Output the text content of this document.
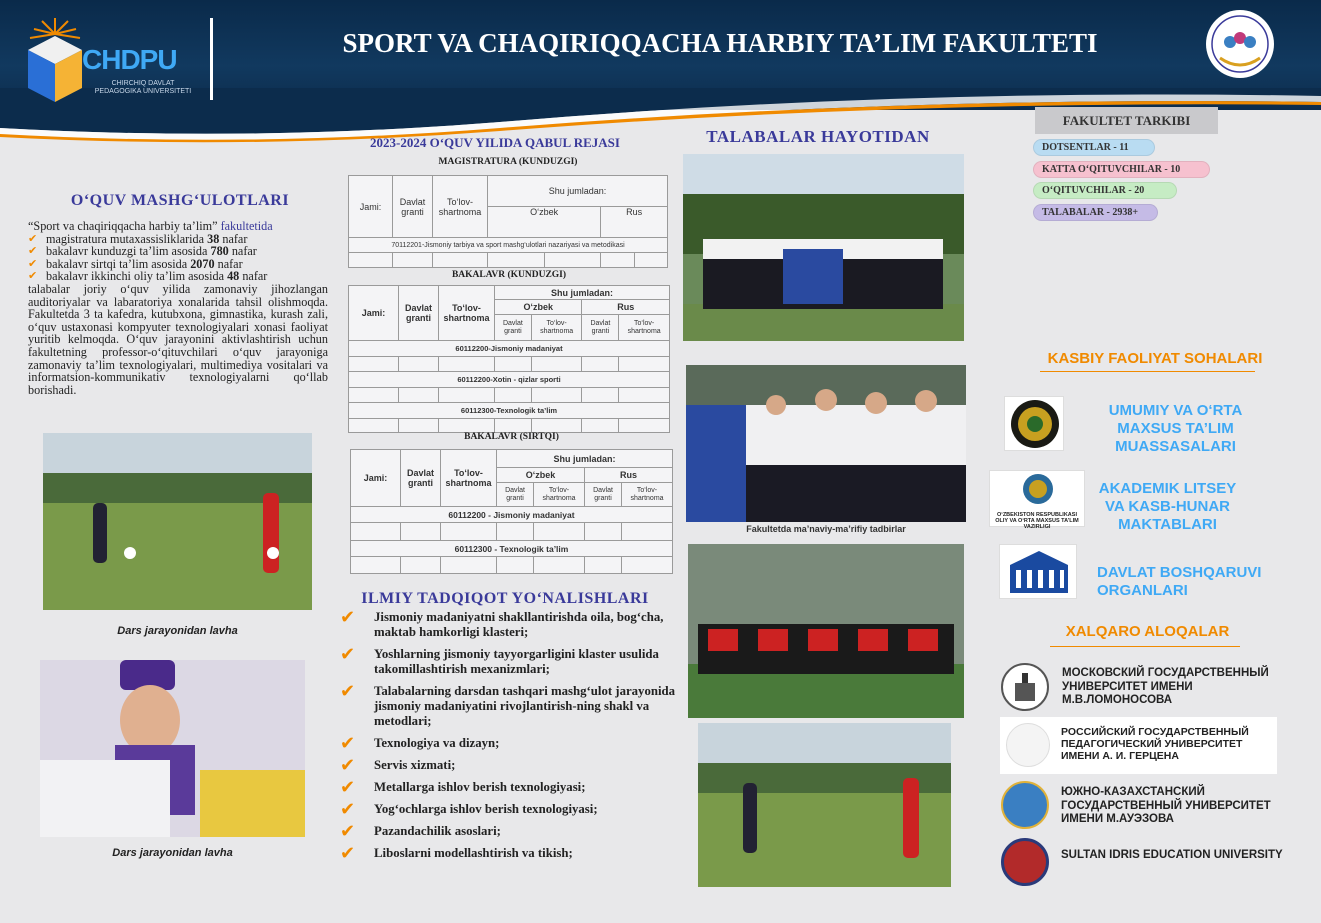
CHDPU
CHIRCHIQ DAVLAT PEDAGOGIKA UNIVERSITETI
SPORT VA CHAQIRIQQACHA HARBIY TA’LIM FAKULTETI
O‘QUV MASHG‘ULOTLARI
“Sport va chaqiriqqacha harbiy ta’lim” fakultetida
✔ magistratura mutaxassisliklarida 38 nafar
✔ bakalavr kunduzgi ta’lim asosida 780 nafar
✔ bakalavr sirtqi ta’lim asosida 2070 nafar
✔ bakalavr ikkinchi oliy ta’lim asosida 48 nafar
talabalar joriy o‘quv yilida zamonaviy jihozlangan auditoriyalar va labaratoriya xonalarida tahsil olishmoqda. Fakultetda 3 ta kafedra, kutubxona, gimnastika, kurash zali, o‘quv ustaxonasi kompyuter texnologiyalari xonasi faoliyat yuritib kelmoqda. O‘quv jarayonini aktivlashtirish uchun fakultetning professor-o‘qituvchilari o‘quv jarayoniga zamonaviy ta’lim texnologiyalari, multimediya vositalari va informatsion-kommunikativ texnologiyalarni qo‘llab borishadi.
Dars jarayonidan lavha
Dars jarayonidan lavha
2023-2024 O‘QUV YILIDA QABUL REJASI
MAGISTRATURA (KUNDUZGI)
Jami:	Davlat granti	To‘lov-shartnoma	Shu jumladan:			
			O‘zbek		Rus	
70112201-Jismoniy tarbiya va sport mashg‘ulotlari nazariyasi va metodikasi						

BAKALAVR (KUNDUZGI)
Jami:	Davlat granti	To‘lov-shartnoma	Shu jumladan:			
			O‘zbek		Rus	
			Davlat granti	To‘lov-shartnoma	Davlat granti	To‘lov-shartnoma
60112200-Jismoniy madaniyat						

60112200-Xotin - qizlar sporti						

60112300-Texnologik ta’lim						

BAKALAVR (SIRTQI)
Jami:	Davlat granti	To‘lov-shartnoma	Shu jumladan:			
			O‘zbek		Rus	
			Davlat granti	To‘lov-shartnoma	Davlat granti	To‘lov-shartnoma
60112200 - Jismoniy madaniyat						

60112300 - Texnologik ta’lim						

ILMIY TADQIQOT YO‘NALISHLARI
✔ Jismoniy madaniyatni shakllantirishda oila, bog‘cha, maktab hamkorligi klasteri;
✔ Yoshlarning jismoniy tayyorgarligini klaster usulida takomillashtirish mexanizmlari;
✔ Talabalarning darsdan tashqari mashg‘ulot jarayonida jismoniy madaniyatini rivojlantirish-ning shakl va metodlari;
✔ Texnologiya va dizayn;
✔ Servis xizmati;
✔ Metallarga ishlov berish texnologiyasi;
✔ Yog‘ochlarga ishlov berish texnologiyasi;
✔ Pazandachilik asoslari;
✔ Liboslarni modellashtirish va tikish;
TALABALAR HAYOTIDAN
Fakultetda ma’naviy-ma’rifiy tadbirlar
FAKULTET TARKIBI
DOTSENTLAR - 11
KATTA O‘QITUVCHILAR - 10
O‘QITUVCHILAR - 20
TALABALAR - 2938+
KASBIY FAOLIYAT SOHALARI
UMUMIY VA O‘RTA MAXSUS TA’LIM MUASSASALARI
O‘ZBEKISTON RESPUBLIKASI OLIY VA O‘RTA MAXSUS TA’LIM VAZIRLIGI
AKADEMIK LITSEY VA KASB-HUNAR MAKTABLARI
DAVLAT BOSHQARUVI ORGANLARI
XALQARO ALOQALAR
МОСКОВСКИЙ ГОСУДАРСТВЕННЫЙ УНИВЕРСИТЕТ ИМЕНИ М.В.ЛОМОНОСОВА
РОССИЙСКИЙ ГОСУДАРСТВЕННЫЙ ПЕДАГОГИЧЕСКИЙ УНИВЕРСИТЕТ ИМЕНИ А. И. ГЕРЦЕНА
ЮЖНО-КАЗАХСТАНСКИЙ ГОСУДАРСТВЕННЫЙ УНИВЕРСИТЕТ ИМЕНИ М.АУЭЗОВА
SULTAN IDRIS EDUCATION UNIVERSITY
